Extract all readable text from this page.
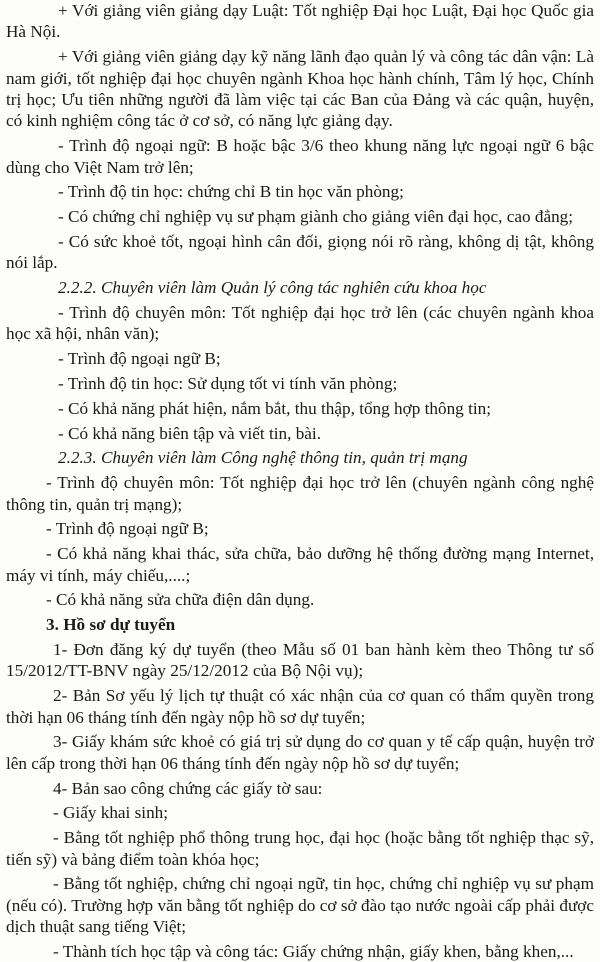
+ Với giảng viên giảng dạy Luật: Tốt nghiệp Đại học Luật, Đại học Quốc gia Hà Nội.

+ Với giảng viên giảng dạy kỹ năng lãnh đạo quản lý và công tác dân vận: Là nam giới, tốt nghiệp đại học chuyên ngành Khoa học hành chính, Tâm lý học, Chính trị học; Ưu tiên những người đã làm việc tại các Ban của Đảng và các quận, huyện, có kinh nghiệm công tác ở cơ sở, có năng lực giảng dạy.

- Trình độ ngoại ngữ: B hoặc bậc 3/6 theo khung năng lực ngoại ngữ 6 bậc dùng cho Việt Nam trở lên;

- Trình độ tin học: chứng chỉ B tin học văn phòng;

- Có chứng chỉ nghiệp vụ sư phạm giành cho giảng viên đại học, cao đẳng;

- Có sức khoẻ tốt, ngoại hình cân đối, giọng nói rõ ràng, không dị tật, không nói lắp.

2.2.2. Chuyên viên làm Quản lý công tác nghiên cứu khoa học

- Trình độ chuyên môn: Tốt nghiệp đại học trở lên (các chuyên ngành khoa học xã hội, nhân văn);

- Trình độ ngoại ngữ B;

- Trình độ tin học: Sử dụng tốt vi tính văn phòng;

- Có khả năng phát hiện, nắm bắt, thu thập, tổng hợp thông tin;

- Có khả năng biên tập và viết tin, bài.

2.2.3. Chuyên viên làm Công nghệ thông tin, quản trị mạng

- Trình độ chuyên môn: Tốt nghiệp đại học trở lên (chuyên ngành công nghệ thông tin, quản trị mạng);

- Trình độ ngoại ngữ B;

- Có khả năng khai thác, sửa chữa, bảo dưỡng hệ thống đường mạng Internet, máy vi tính, máy chiếu,....;

- Có khả năng sửa chữa điện dân dụng.

3. Hồ sơ dự tuyển

1- Đơn đăng ký dự tuyển (theo Mẫu số 01 ban hành kèm theo Thông tư số 15/2012/TT-BNV ngày 25/12/2012 của Bộ Nội vụ);

2- Bản Sơ yếu lý lịch tự thuật có xác nhận của cơ quan có thẩm quyền trong thời hạn 06 tháng tính đến ngày nộp hồ sơ dự tuyển;

3- Giấy khám sức khoẻ có giá trị sử dụng do cơ quan y tế cấp quận, huyện trở lên cấp trong thời hạn 06 tháng tính đến ngày nộp hồ sơ dự tuyển;

4- Bản sao công chứng các giấy tờ sau:

- Giấy khai sinh;

- Bằng tốt nghiệp phổ thông trung học, đại học (hoặc bằng tốt nghiệp thạc sỹ, tiến sỹ) và bảng điểm toàn khóa học;

- Bằng tốt nghiệp, chứng chỉ ngoại ngữ, tin học, chứng chỉ nghiệp vụ sư phạm (nếu có). Trường hợp văn bằng tốt nghiệp do cơ sở đào tạo nước ngoài cấp phải được dịch thuật sang tiếng Việt;

- Thành tích học tập và công tác: Giấy chứng nhận, giấy khen, bằng khen,...
